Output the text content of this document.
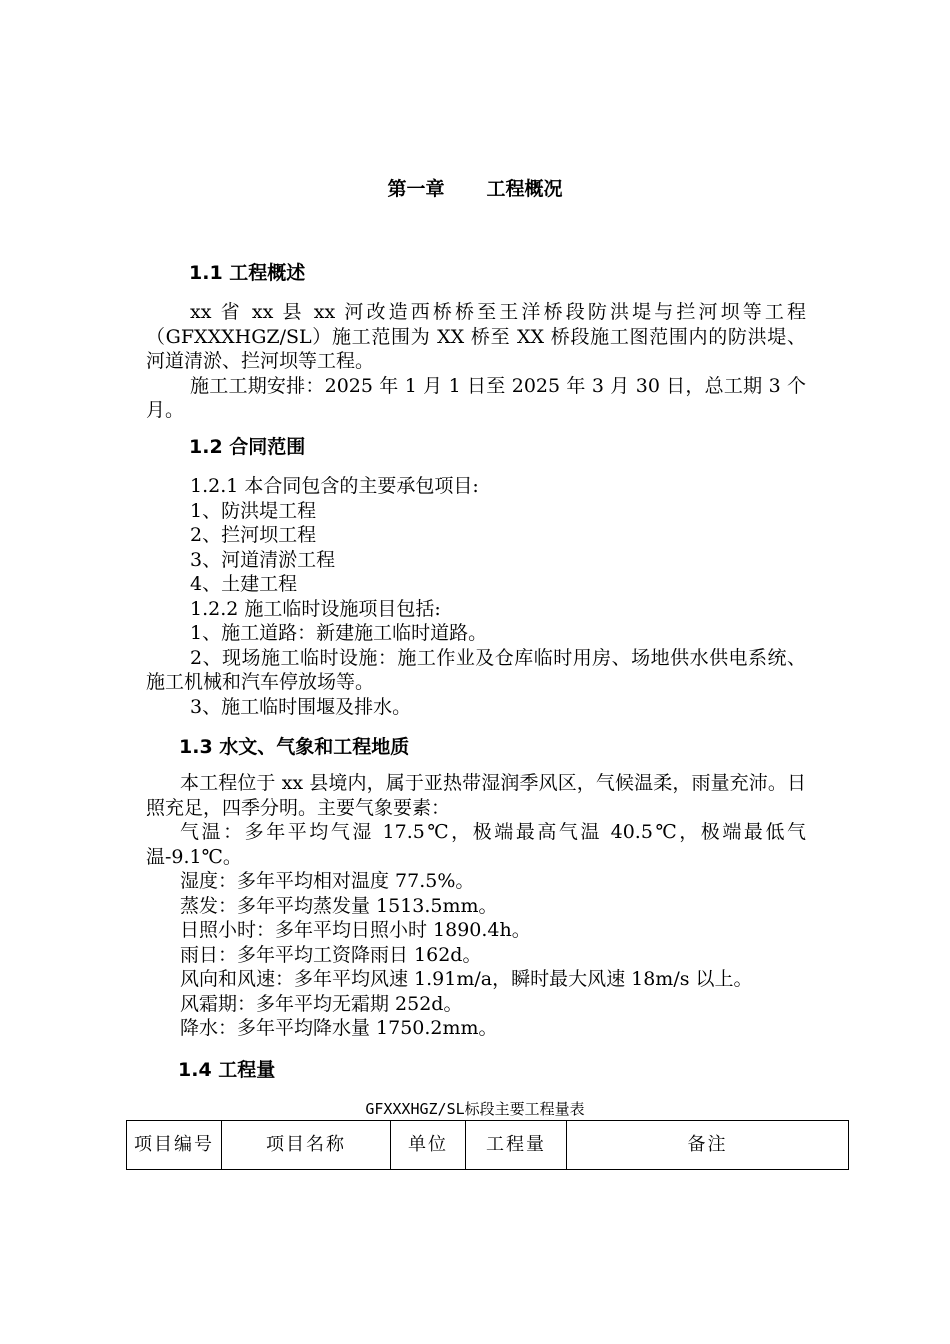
第一章 工程概况
1.1 工程概述

xx 省 xx 县 xx 河改造西桥桥至王洋桥段防洪堤与拦河坝等工程（GFXXXHGZ/SL）施工范围为 XX 桥至 XX 桥段施工图范围内的防洪堤、河道清淤、拦河坝等工程。

施工工期安排：2025 年 1 月 1 日至 2025 年 3 月 30 日，总工期 3 个月。

1.2 合同范围

1.2.1 本合同包含的主要承包项目:

1、防洪堤工程

2、拦河坝工程

3、河道清淤工程

4、土建工程

1.2.2 施工临时设施项目包括:

1、施工道路：新建施工临时道路。

2、现场施工临时设施：施工作业及仓库临时用房、场地供水供电系统、施工机械和汽车停放场等。

3、施工临时围堰及排水。

1.3 水文、气象和工程地质

本工程位于 xx 县境内，属于亚热带湿润季风区，气候温柔，雨量充沛。日照充足，四季分明。主要气象要素：

气温：多年平均气湿 17.5℃，极端最高气温 40.5℃，极端最低气温-9.1℃。

湿度：多年平均相对温度 77.5%。

蒸发：多年平均蒸发量 1513.5mm。

日照小时：多年平均日照小时 1890.4h。

雨日：多年平均工资降雨日 162d。

风向和风速：多年平均风速 1.91m/a，瞬时最大风速 18m/s 以上。

风霜期：多年平均无霜期 252d。

降水：多年平均降水量 1750.2mm。

1.4 工程量
GFXXXHGZ/SL标段主要工程量表
项目编号	项目名称	单位	工程量	备注
